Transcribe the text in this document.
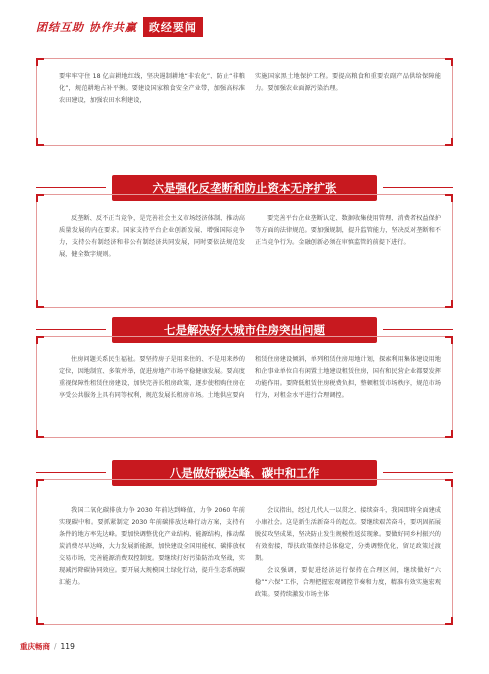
团结互助 协作共赢	政经要闻

要牢牢守住 18 亿亩耕地红线，坚决遏制耕地“非农化”、防止“非粮化”，规范耕地占补平衡。要建设国家粮食安全产业带，加强高标准农田建设，加强农田水利建设，

实施国家黑土地保护工程。要提高粮食和重要农副产品供给保障能力。要加强农业面源污染治理。

六是强化反垄断和防止资本无序扩张

反垄断、反不正当竞争，是完善社会主义市场经济体制、推动高质量发展的内在要求。国家支持平台企业创新发展、增强国际竞争力，支持公有制经济和非公有制经济共同发展，同时要依法规范发展，健全数字规则。

要完善平台企业垄断认定、数据收集使用管理、消费者权益保护等方面的法律规范。要加强规制，提升监管能力，坚决反对垄断和不正当竞争行为。金融创新必须在审慎监管的前提下进行。

七是解决好大城市住房突出问题

住房问题关系民生福祉。要坚持房子是用来住的、不是用来炒的定位，因地制宜、多策并举，促进房地产市场平稳健康发展。要高度重视保障性租赁住房建设，加快完善长租房政策，逐步使租购住房在享受公共服务上具有同等权利，规范发展长租房市场。土地供应要向

租赁住房建设倾斜，单列租赁住房用地计划，探索利用集体建设用地和企事业单位自有闲置土地建设租赁住房，国有和民营企业都要发挥功能作用。要降低租赁住房税费负担，整顿租赁市场秩序，规范市场行为，对租金水平进行合理调控。

八是做好碳达峰、碳中和工作

我国二氧化碳排放力争 2030 年前达到峰值，力争 2060 年前实现碳中和。要抓紧制定 2030 年前碳排放达峰行动方案，支持有条件的地方率先达峰。要加快调整优化产业结构、能源结构，推动煤炭消费尽早达峰，大力发展新能源，加快建设全国用能权、碳排放权交易市场，完善能源消费双控制度。要继续打好污染防治攻坚战，实现减污降碳协同效应。要开展大规模国土绿化行动，提升生态系统碳汇能力。

会议指出，经过几代人一以贯之、接续奋斗，我国即将全面建成小康社会。这是新生活新奋斗的起点。要继续艰苦奋斗，要巩固拓展脱贫攻坚成果，坚决防止发生规模性返贫现象。要做好同乡村振兴的有效衔接，帮扶政策保持总体稳定，分类调整优化，留足政策过渡期。

会议强调，要促进经济运行保持在合理区间，继续做好“六稳”“六保”工作，合理把握宏观调控节奏和力度，精准有效实施宏观政策。要持续激发市场主体

重庆畅商 / 119
